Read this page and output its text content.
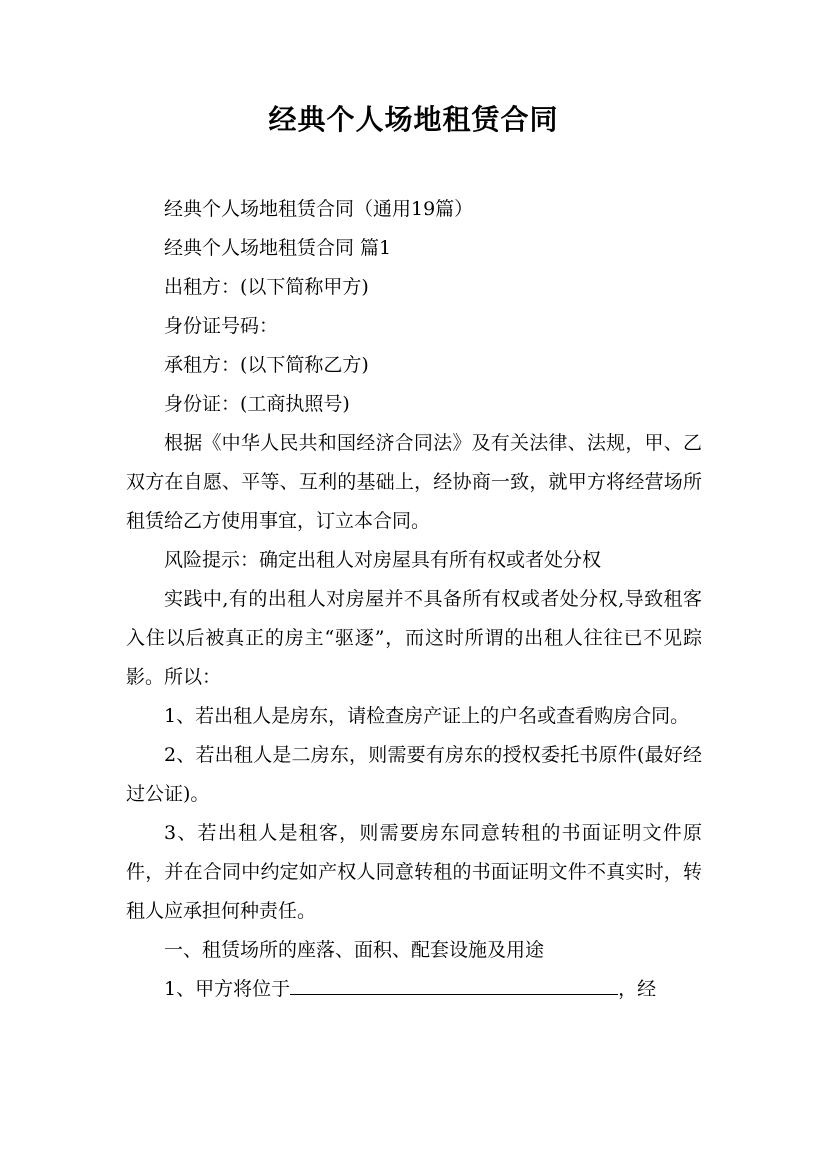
经典个人场地租赁合同

经典个人场地租赁合同（通用19篇）

经典个人场地租赁合同 篇1

出租方：(以下简称甲方)

身份证号码：

承租方：(以下简称乙方)

身份证：(工商执照号)

根据《中华人民共和国经济合同法》及有关法律、法规，甲、乙双方在自愿、平等、互利的基础上，经协商一致，就甲方将经营场所租赁给乙方使用事宜，订立本合同。

风险提示：确定出租人对房屋具有所有权或者处分权

实践中,有的出租人对房屋并不具备所有权或者处分权,导致租客入住以后被真正的房主“驱逐”，而这时所谓的出租人往往已不见踪影。所以：

1、若出租人是房东，请检查房产证上的户名或查看购房合同。

2、若出租人是二房东，则需要有房东的授权委托书原件(最好经过公证)。

3、若出租人是租客，则需要房东同意转租的书面证明文件原件，并在合同中约定如产权人同意转租的书面证明文件不真实时，转租人应承担何种责任。

一、租赁场所的座落、面积、配套设施及用途

1、甲方将位于	，经
